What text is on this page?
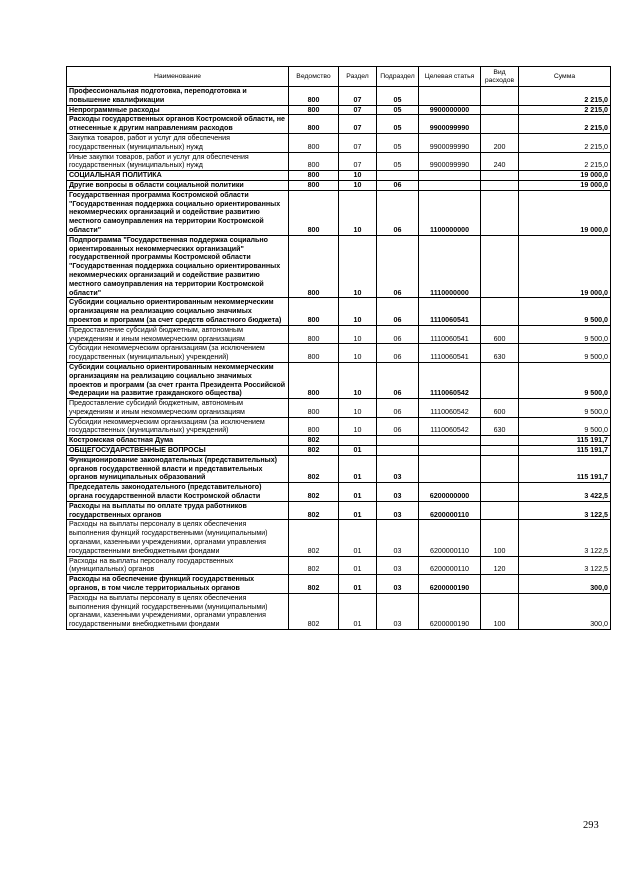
Наименование	Ведомство	Раздел	Подраздел	Целевая статья	Вид расходов	Сумма
Профессиональная подготовка, переподготовка и повышение квалификации	800	07	05			2 215,0
Непрограммные расходы	800	07	05	9900000000		2 215,0
Расходы государственных органов Костромской области, не отнесенные к другим направлениям расходов	800	07	05	9900099990		2 215,0
Закупка товаров, работ и услуг для обеспечения государственных (муниципальных) нужд	800	07	05	9900099990	200	2 215,0
Иные закупки товаров, работ и услуг для обеспечения государственных (муниципальных) нужд	800	07	05	9900099990	240	2 215,0
СОЦИАЛЬНАЯ ПОЛИТИКА	800	10				19 000,0
Другие вопросы в области социальной политики	800	10	06			19 000,0
Государственная программа Костромской области "Государственная поддержка социально ориентированных некоммерческих организаций и содействие развитию местного самоуправления на территории Костромской области"	800	10	06	1100000000		19 000,0
Подпрограмма "Государственная поддержка социально ориентированных некоммерческих организаций" государственной программы Костромской области "Государственная поддержка социально ориентированных некоммерческих организаций и содействие развитию местного самоуправления на территории Костромской области"	800	10	06	1110000000		19 000,0
Субсидии социально ориентированным некоммерческим организациям на реализацию социально значимых проектов и программ (за счет средств областного бюджета)	800	10	06	1110060541		9 500,0
Предоставление субсидий бюджетным, автономным учреждениям и иным некоммерческим организациям	800	10	06	1110060541	600	9 500,0
Субсидии некоммерческим организациям (за исключением государственных (муниципальных) учреждений)	800	10	06	1110060541	630	9 500,0
Субсидии социально ориентированным некоммерческим организациям на реализацию социально значимых проектов и программ (за счет гранта Президента Российской Федерации на развитие гражданского общества)	800	10	06	1110060542		9 500,0
Предоставление субсидий бюджетным, автономным учреждениям и иным некоммерческим организациям	800	10	06	1110060542	600	9 500,0
Субсидии некоммерческим организациям (за исключением государственных (муниципальных) учреждений)	800	10	06	1110060542	630	9 500,0
Костромская областная Дума	802					115 191,7
ОБЩЕГОСУДАРСТВЕННЫЕ ВОПРОСЫ	802	01				115 191,7
Функционирование законодательных (представительных) органов государственной власти и представительных органов муниципальных образований	802	01	03			115 191,7
Председатель законодательного (представительного) органа государственной власти Костромской области	802	01	03	6200000000		3 422,5
Расходы на выплаты по оплате труда работников государственных органов	802	01	03	6200000110		3 122,5
Расходы на выплаты персоналу в целях обеспечения выполнения функций государственными (муниципальными) органами, казенными учреждениями, органами управления государственными внебюджетными фондами	802	01	03	6200000110	100	3 122,5
Расходы на выплаты персоналу государственных (муниципальных) органов	802	01	03	6200000110	120	3 122,5
Расходы на обеспечение функций государственных органов, в том числе территориальных органов	802	01	03	6200000190		300,0
Расходы на выплаты персоналу в целях обеспечения выполнения функций государственными (муниципальными) органами, казенными учреждениями, органами управления государственными внебюджетными фондами	802	01	03	6200000190	100	300,0
293
